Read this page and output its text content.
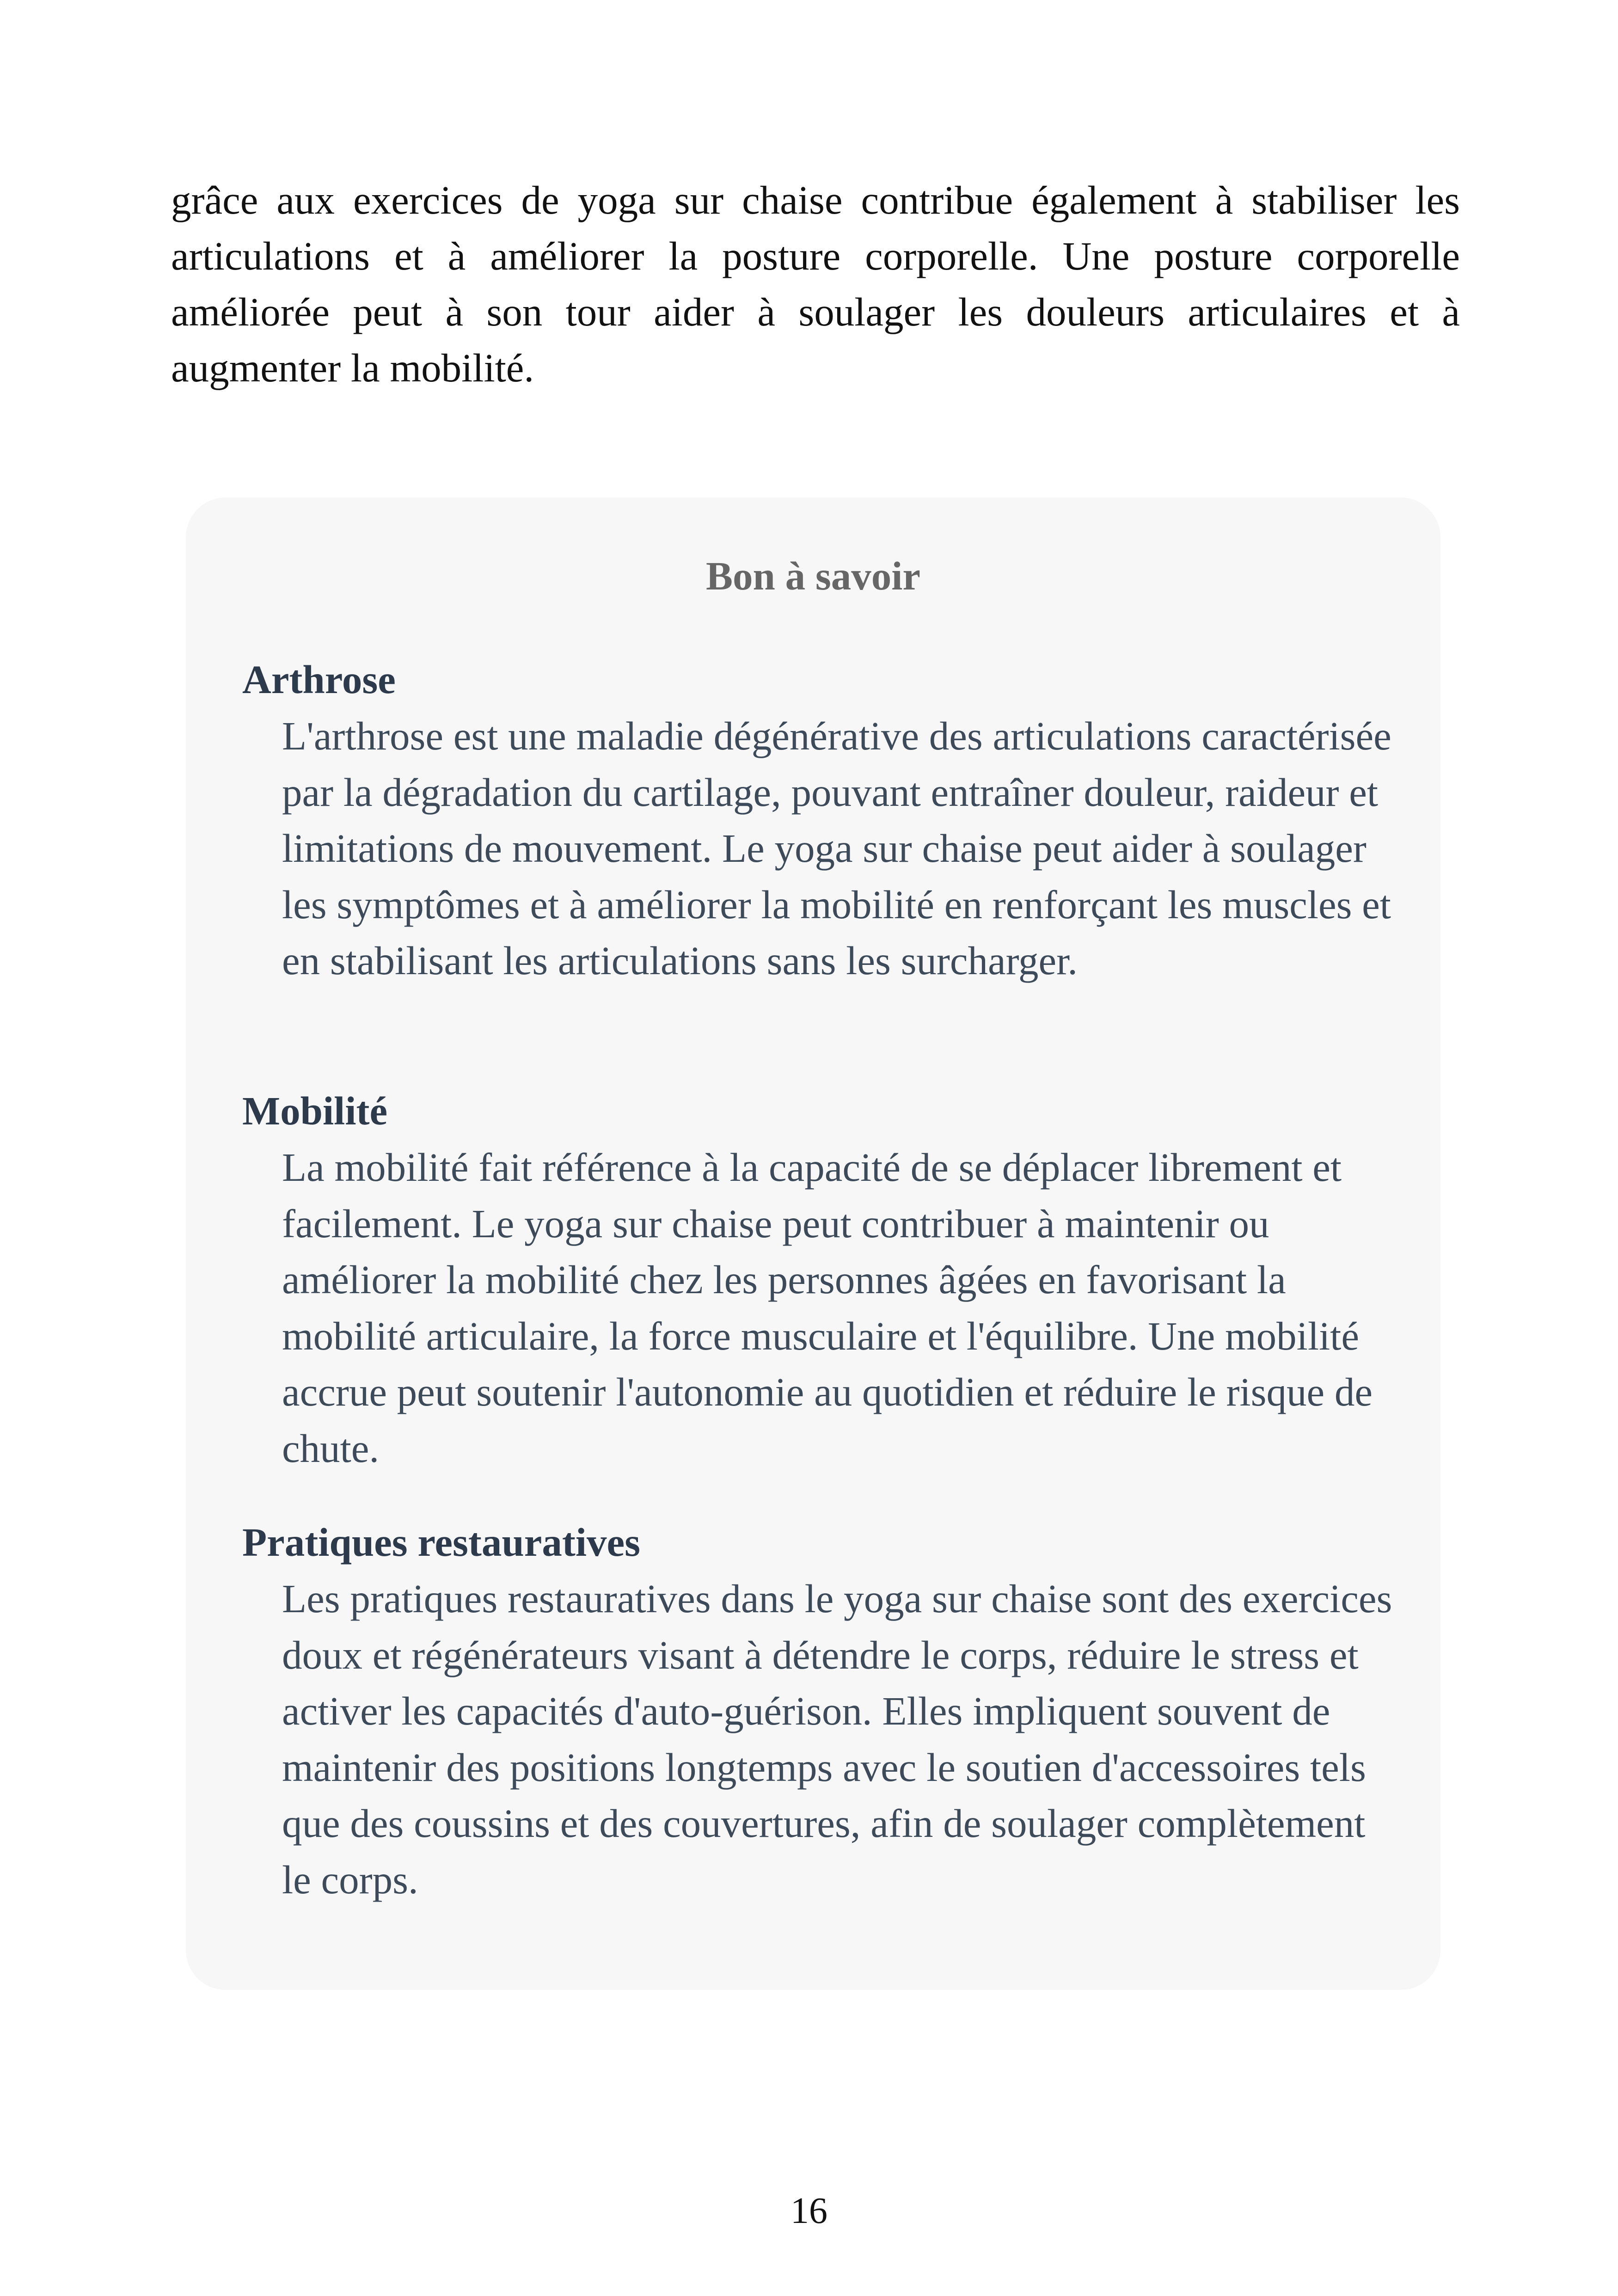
grâce aux exercices de yoga sur chaise contribue également à stabiliser les articulations et à améliorer la posture corporelle. Une posture corporelle améliorée peut à son tour aider à soulager les douleurs articulaires et à augmenter la mobilité.

Bon à savoir
Arthrose

L'arthrose est une maladie dégénérative des articulations caractérisée par la dégradation du cartilage, pouvant entraîner douleur, raideur et limitations de mouvement. Le yoga sur chaise peut aider à soulager les symptômes et à améliorer la mobilité en renforçant les muscles et en stabilisant les articulations sans les surcharger.

Mobilité

La mobilité fait référence à la capacité de se déplacer librement et facilement. Le yoga sur chaise peut contribuer à maintenir ou améliorer la mobilité chez les personnes âgées en favorisant la mobilité articulaire, la force musculaire et l'équilibre. Une mobilité accrue peut soutenir l'autonomie au quotidien et réduire le risque de chute.

Pratiques restauratives

Les pratiques restauratives dans le yoga sur chaise sont des exercices doux et régénérateurs visant à détendre le corps, réduire le stress et activer les capacités d'auto-guérison. Elles impliquent souvent de maintenir des positions longtemps avec le soutien d'accessoires tels que des coussins et des couvertures, afin de soulager complètement le corps.

16
